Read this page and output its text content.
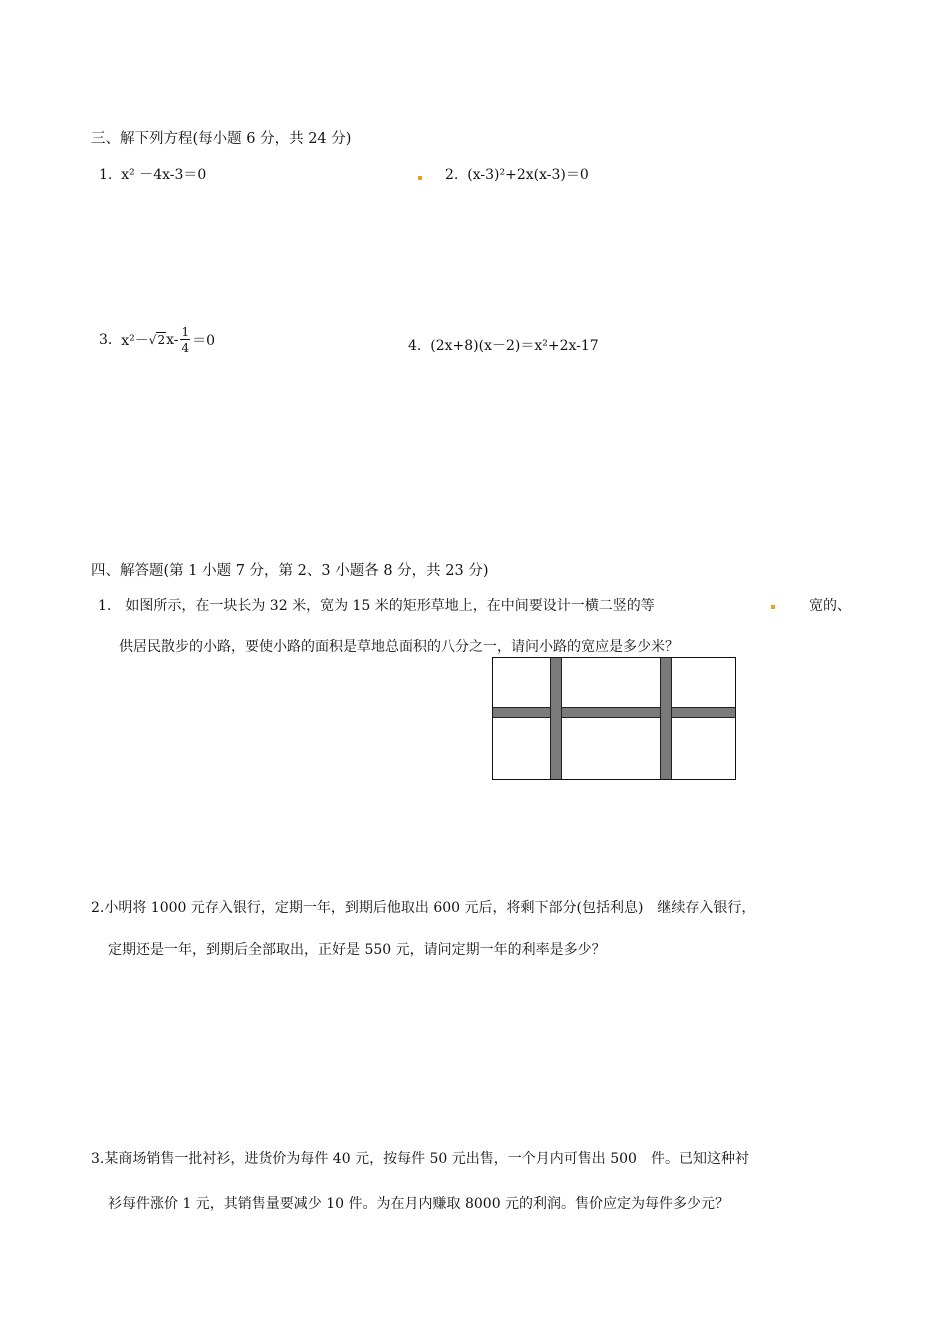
三、解下列方程(每小题 6 分，共 24 分)
1. x² －4x-3＝0	2. (x-3)²+2x(x-3)＝0
3. $x^2-√2x- \frac{1}{4} =0$	4. (2x+8)(x－2)＝x²+2x-17
四、解答题(第 1 小题 7 分，第 2、3 小题各 8 分，共 23 分)
1.　如图所示，在一块长为 32 米，宽为 15 米的矩形草地上，在中间要设计一横二竖的等	宽的、
供居民散步的小路，要使小路的面积是草地总面积的八分之一，请问小路的宽应是多少米？
2.小明将 1000 元存入银行，定期一年，到期后他取出 600 元后，将剩下部分(包括利息)　继续存入银行，
定期还是一年，到期后全部取出，正好是 550 元，请问定期一年的利率是多少？
3.某商场销售一批衬衫，进货价为每件 40 元，按每件 50 元出售，一个月内可售出 500　件。已知这种衬
衫每件涨价 1 元，其销售量要减少 10 件。为在月内赚取 8000 元的利润。售价应定为每件多少元？
